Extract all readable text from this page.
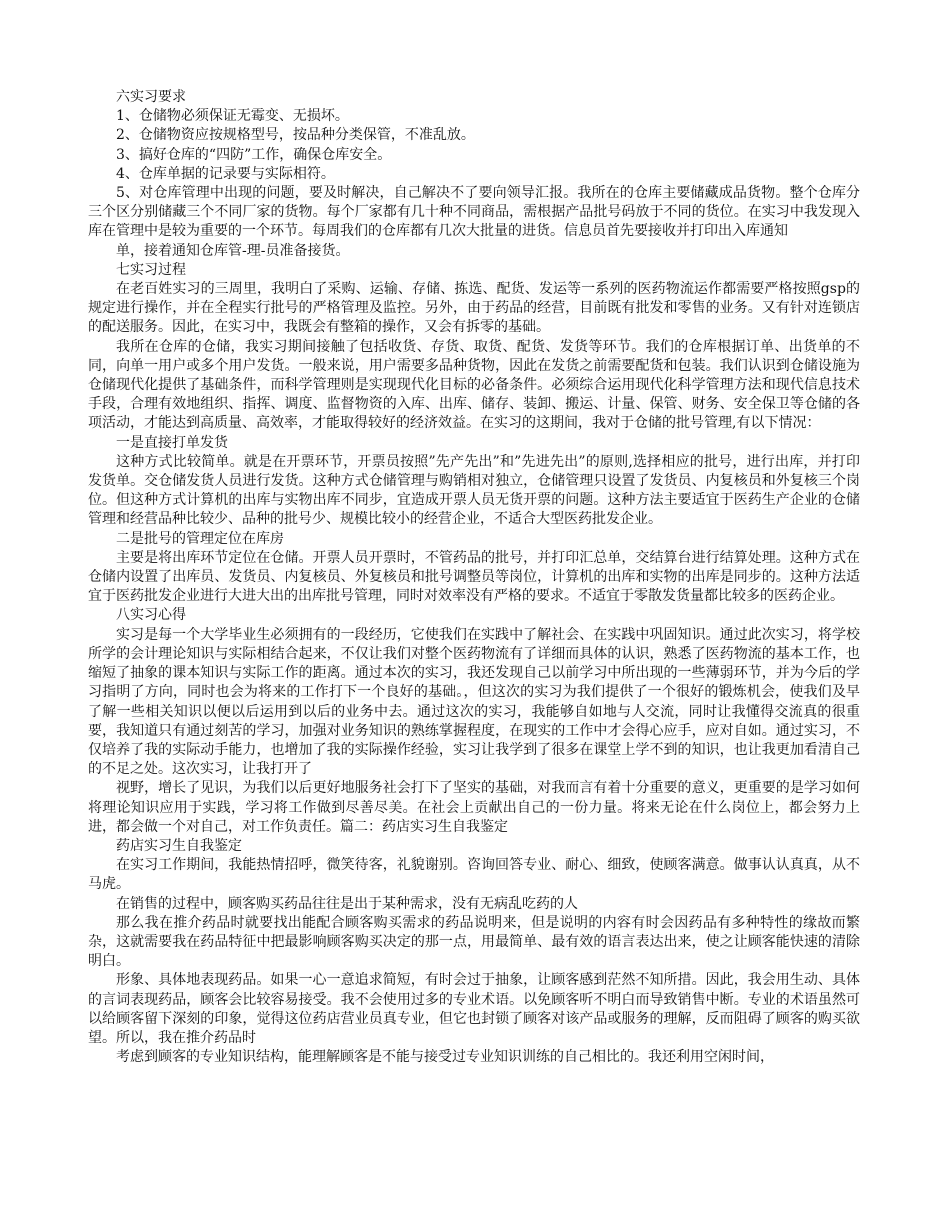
六实习要求

1、仓储物必须保证无霉变、无损坏。

2、仓储物资应按规格型号，按品种分类保管，不准乱放。

3、搞好仓库的“四防”工作，确保仓库安全。

4、仓库单据的记录要与实际相符。

5、对仓库管理中出现的问题，要及时解决，自己解决不了要向领导汇报。我所在的仓库主要储藏成品货物。整个仓库分三个区分别储藏三个不同厂家的货物。每个厂家都有几十种不同商品，需根据产品批号码放于不同的货位。在实习中我发现入库在管理中是较为重要的一个环节。每周我们的仓库都有几次大批量的进货。信息员首先要接收并打印出入库通知

单，接着通知仓库管-理-员准备接货。

七实习过程

在老百姓实习的三周里，我明白了采购、运输、存储、拣选、配货、发运等一系列的医药物流运作都需要严格按照gsp的规定进行操作，并在全程实行批号的严格管理及监控。另外，由于药品的经营，目前既有批发和零售的业务。又有针对连锁店的配送服务。因此，在实习中，我既会有整箱的操作，又会有拆零的基础。

我所在仓库的仓储，我实习期间接触了包括收货、存货、取货、配货、发货等环节。我们的仓库根据订单、出货单的不同，向单一用户或多个用户发货。一般来说，用户需要多品种货物，因此在发货之前需要配货和包装。我们认识到仓储设施为仓储现代化提供了基础条件，而科学管理则是实现现代化目标的必备条件。必须综合运用现代化科学管理方法和现代信息技术手段，合理有效地组织、指挥、调度、监督物资的入库、出库、储存、装卸、搬运、计量、保管、财务、安全保卫等仓储的各项活动，才能达到高质量、高效率，才能取得较好的经济效益。在实习的这期间，我对于仓储的批号管理,有以下情况：

一是直接打单发货

这种方式比较简单。就是在开票环节，开票员按照”先产先出”和”先进先出”的原则,选择相应的批号，进行出库，并打印发货单。交仓储发货人员进行发货。这种方式仓储管理与购销相对独立，仓储管理只设置了发货员、内复核员和外复核三个岗位。但这种方式计算机的出库与实物出库不同步，宜造成开票人员无货开票的问题。这种方法主要适宜于医药生产企业的仓储管理和经营品种比较少、品种的批号少、规模比较小的经营企业，不适合大型医药批发企业。

二是批号的管理定位在库房

主要是将出库环节定位在仓储。开票人员开票时，不管药品的批号，并打印汇总单，交结算台进行结算处理。这种方式在仓储内设置了出库员、发货员、内复核员、外复核员和批号调整员等岗位，计算机的出库和实物的出库是同步的。这种方法适宜于医药批发企业进行大进大出的出库批号管理，同时对效率没有严格的要求。不适宜于零散发货量都比较多的医药企业。

八实习心得

实习是每一个大学毕业生必须拥有的一段经历，它使我们在实践中了解社会、在实践中巩固知识。通过此次实习，将学校所学的会计理论知识与实际相结合起来，不仅让我们对整个医药物流有了详细而具体的认识，熟悉了医药物流的基本工作，也缩短了抽象的课本知识与实际工作的距离。通过本次的实习，我还发现自己以前学习中所出现的一些薄弱环节，并为今后的学习指明了方向，同时也会为将来的工作打下一个良好的基础。，但这次的实习为我们提供了一个很好的锻炼机会，使我们及早了解一些相关知识以便以后运用到以后的业务中去。通过这次的实习，我能够自如地与人交流，同时让我懂得交流真的很重要，我知道只有通过刻苦的学习，加强对业务知识的熟练掌握程度，在现实的工作中才会得心应手，应对自如。通过实习，不仅培养了我的实际动手能力，也增加了我的实际操作经验，实习让我学到了很多在课堂上学不到的知识，也让我更加看清自己的不足之处。这次实习，让我打开了

视野，增长了见识，为我们以后更好地服务社会打下了坚实的基础，对我而言有着十分重要的意义，更重要的是学习如何将理论知识应用于实践，学习将工作做到尽善尽美。在社会上贡献出自己的一份力量。将来无论在什么岗位上，都会努力上进，都会做一个对自己，对工作负责任。篇二：药店实习生自我鉴定

药店实习生自我鉴定

在实习工作期间，我能热情招呼，微笑待客，礼貌谢别。咨询回答专业、耐心、细致，使顾客满意。做事认认真真，从不马虎。

在销售的过程中，顾客购买药品往往是出于某种需求，没有无病乱吃药的人

那么我在推介药品时就要找出能配合顾客购买需求的药品说明来，但是说明的内容有时会因药品有多种特性的缘故而繁杂，这就需要我在药品特征中把最影响顾客购买决定的那一点，用最简单、最有效的语言表达出来，使之让顾客能快速的清除明白。

形象、具体地表现药品。如果一心一意追求简短，有时会过于抽象，让顾客感到茫然不知所措。因此，我会用生动、具体的言词表现药品，顾客会比较容易接受。我不会使用过多的专业术语。以免顾客听不明白而导致销售中断。专业的术语虽然可以给顾客留下深刻的印象，觉得这位药店营业员真专业，但它也封锁了顾客对该产品或服务的理解，反而阻碍了顾客的购买欲望。所以，我在推介药品时

考虑到顾客的专业知识结构，能理解顾客是不能与接受过专业知识训练的自己相比的。我还利用空闲时间，
